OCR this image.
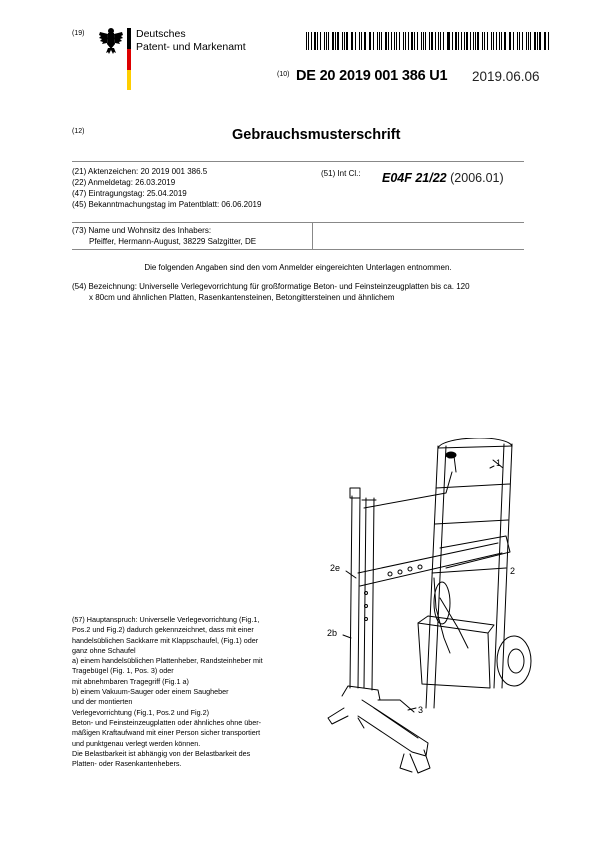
(19)	Deutsches
Patent- und Markenamt
(10) DE 20 2019 001 386 U1 2019.06.06
(12)	Gebrauchsmusterschrift
(21) Aktenzeichen: 20 2019 001 386.5
(22) Anmeldetag: 26.03.2019
(47) Eintragungstag: 25.04.2019
(45) Bekanntmachungstag im Patentblatt: 06.06.2019
(51) Int Cl.: E04F 21/22 (2006.01)
(73) Name und Wohnsitz des Inhabers:
Pfeiffer, Hermann-August, 38229 Salzgitter, DE
Die folgenden Angaben sind den vom Anmelder eingereichten Unterlagen entnommen.
(54) Bezeichnung: Universelle Verlegevorrichtung für großformatige Beton- und Feinsteinzeugplatten bis ca. 120
x 80cm und ähnlichen Platten, Rasenkantensteinen, Betongittersteinen und ähnlichem
(57) Hauptanspruch: Universelle Verlegevorrichtung (Fig.1,
Pos.2 und Fig.2) dadurch gekennzeichnet, dass mit einer
handelsüblichen Sackkarre mit Klappschaufel, (Fig.1) oder
ganz ohne Schaufel
a) einem handelsüblichen Plattenheber, Randsteinheber mit
Tragebügel (Fig. 1, Pos. 3) oder
mit abnehmbaren Tragegriff (Fig.1 a)
b) einem Vakuum-Sauger oder einem Saugheber
und der montierten
Verlegevorrichtung (Fig.1, Pos.2 und Fig.2)
Beton- und Feinsteinzeugplatten oder ähnliches ohne über-
mäßigen Kraftaufwand mit einer Person sicher transportiert
und punktgenau verlegt werden können.
Die Belastbarkeit ist abhängig von der Belastbarkeit des
Platten- oder Rasenkantenhebers.
1
2
2e
2b
3
